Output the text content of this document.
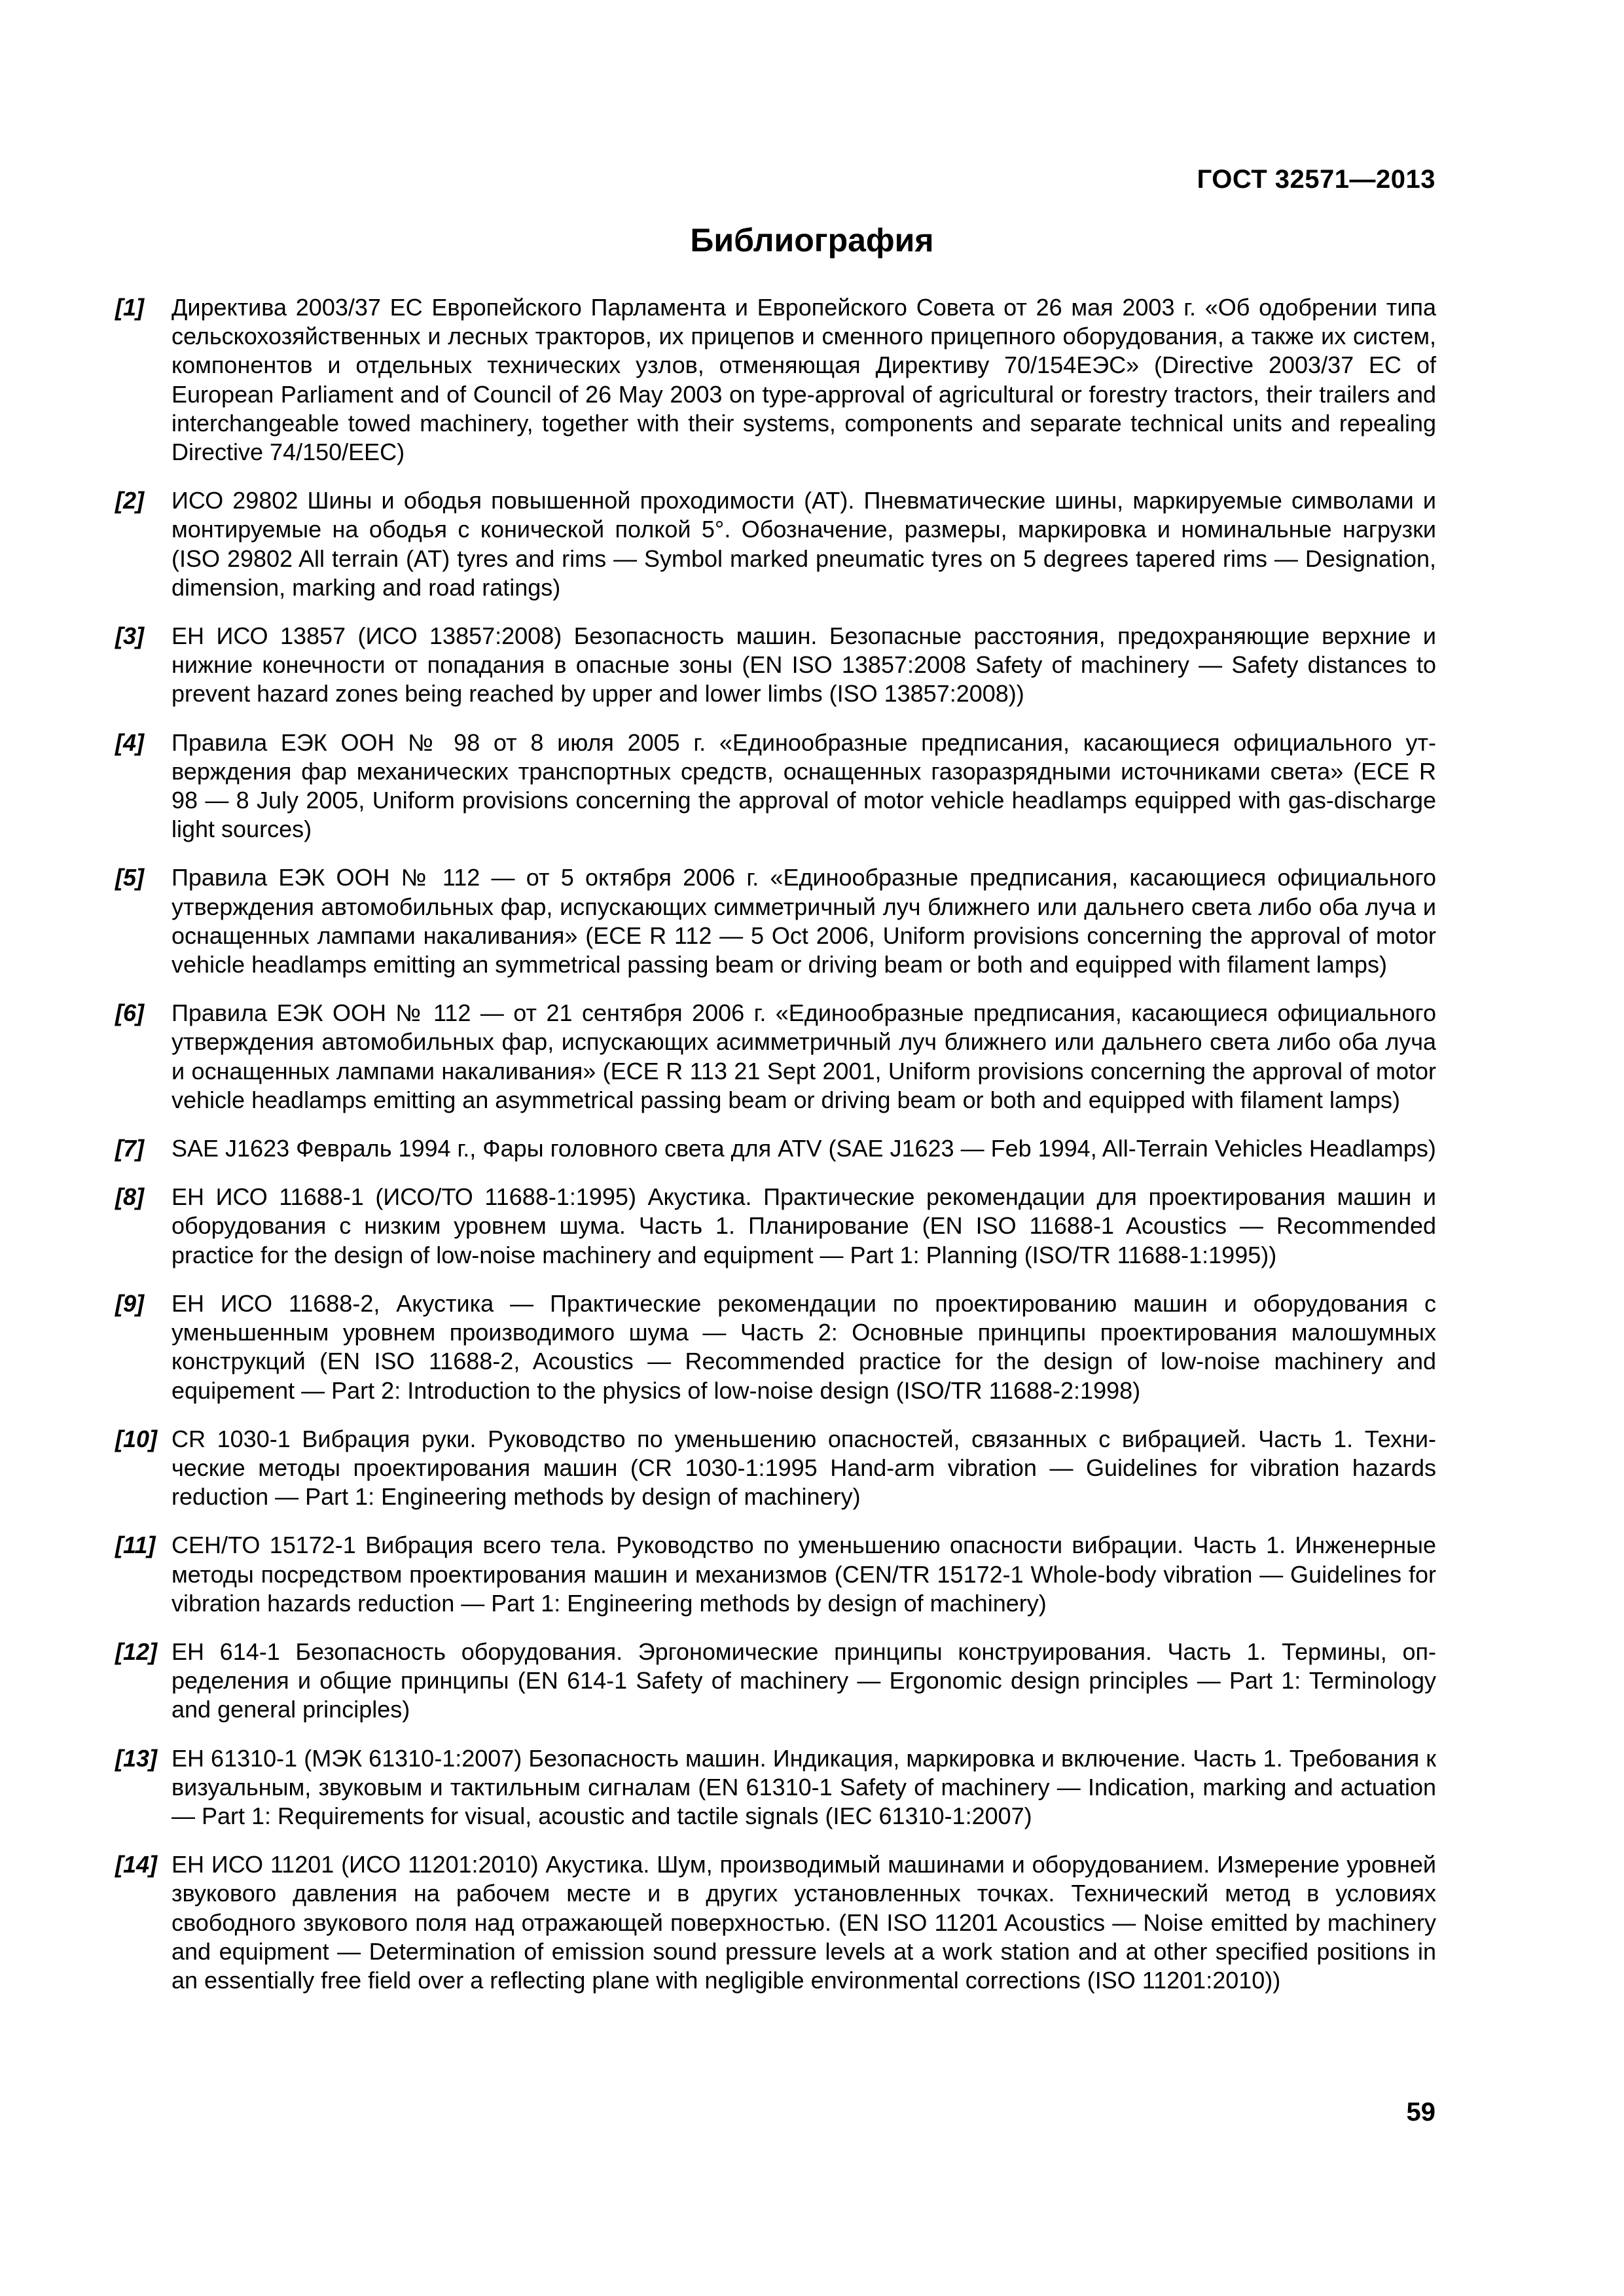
ГОСТ 32571—2013
Библиография
[1]	Директива 2003/37 ЕС Европейского Парламента и Европейского Совета от 26 мая 2003 г. «Об одобрении типа сельскохозяйственных и лесных тракторов, их прицепов и сменного прицепного оборудования, а также их систем, компонентов и отдельных технических узлов, отменяющая Директиву 70/154ЕЭС» (Directive 2003/37 EC of European Parliament and of Council of 26 May 2003 on type-approval of agricultural or forestry tractors, their trailers and interchangeable towed machinery, together with their systems, components and separate technical units and repealing Directive 74/150/EEC)
[2]	ИСО 29802 Шины и ободья повышенной проходимости (АТ). Пневматические шины, маркируемые символами и монтируемые на ободья с конической полкой 5°. Обозначение, размеры, маркировка и номинальные нагрузки (ISO 29802 All terrain (AT) tyres and rims — Symbol marked pneumatic tyres on 5 degrees tapered rims — Designation, dimension, marking and road ratings)
[3]	ЕН ИСО 13857 (ИСО 13857:2008) Безопасность машин. Безопасные расстояния, предохраняющие верхние и нижние конечности от попадания в опасные зоны (EN ISO 13857:2008 Safety of machinery — Safety distances to prevent hazard zones being reached by upper and lower limbs (ISO 13857:2008))
[4]	Правила ЕЭК ООН № 98 от 8 июля 2005 г. «Единообразные предписания, касающиеся официального утверждения фар механических транспортных средств, оснащенных газоразрядными источниками света» (ECE R 98 — 8 July 2005, Uniform provisions concerning the approval of motor vehicle headlamps equipped with gas-discharge light sources)
[5]	Правила ЕЭК ООН № 112 — от 5 октября 2006 г. «Единообразные предписания, касающиеся официального утверждения автомобильных фар, испускающих симметричный луч ближнего или дальнего света либо оба луча и оснащенных лампами накаливания» (ECE R 112 — 5 Oct 2006, Uniform provisions concerning the approval of motor vehicle headlamps emitting an symmetrical passing beam or driving beam or both and equipped with filament lamps)
[6]	Правила ЕЭК ООН № 112 — от 21 сентября 2006 г. «Единообразные предписания, касающиеся официального утверждения автомобильных фар, испускающих асимметричный луч ближнего или дальнего света либо оба луча и оснащенных лампами накаливания» (ECE R 113 21 Sept 2001, Uniform provisions concerning the approval of motor vehicle headlamps emitting an asymmetrical passing beam or driving beam or both and equipped with filament lamps)
[7]	SAE J1623 Февраль 1994 г., Фары головного света для ATV (SAE J1623 — Feb 1994, All-Terrain Vehicles Headlamps)
[8]	ЕН ИСО 11688-1 (ИСО/ТО 11688-1:1995) Акустика. Практические рекомендации для проектирования машин и оборудования с низким уровнем шума. Часть 1. Планирование (EN ISO 11688-1 Acoustics — Recommended practice for the design of low-noise machinery and equipment — Part 1: Planning (ISO/TR 11688-1:1995))
[9]	ЕН ИСО 11688-2, Акустика — Практические рекомендации по проектированию машин и оборудования с уменьшенным уровнем производимого шума — Часть 2: Основные принципы проектирования малошумных конструкций (EN ISO 11688-2, Acoustics — Recommended practice for the design of low-noise machinery and equipement — Part 2: Introduction to the physics of low-noise design (ISO/TR 11688-2:1998)
[10] CR 1030-1 Вибрация руки. Руководство по уменьшению опасностей, связанных с вибрацией. Часть 1. Технические методы проектирования машин (CR 1030-1:1995 Hand-arm vibration — Guidelines for vibration hazards reduction — Part 1: Engineering methods by design of machinery)
[11] CEH/TO 15172-1 Вибрация всего тела. Руководство по уменьшению опасности вибрации. Часть 1. Инженерные методы посредством проектирования машин и механизмов (CEN/TR 15172-1 Whole-body vibration — Guidelines for vibration hazards reduction — Part 1: Engineering methods by design of machinery)
[12] ЕН 614-1 Безопасность оборудования. Эргономические принципы конструирования. Часть 1. Термины, определения и общие принципы (EN 614-1 Safety of machinery — Ergonomic design principles — Part 1: Terminology and general principles)
[13] ЕН 61310-1 (МЭК 61310-1:2007) Безопасность машин. Индикация, маркировка и включение. Часть 1. Требования к визуальным, звуковым и тактильным сигналам (EN 61310-1 Safety of machinery — Indication, marking and actuation — Part 1: Requirements for visual, acoustic and tactile signals (IEC 61310-1:2007)
[14] ЕН ИСО 11201 (ИСО 11201:2010) Акустика. Шум, производимый машинами и оборудованием. Измерение уровней звукового давления на рабочем месте и в других установленных точках. Технический метод в условиях свободного звукового поля над отражающей поверхностью. (EN ISO 11201 Acoustics — Noise emitted by machinery and equipment — Determination of emission sound pressure levels at a work station and at other specified positions in an essentially free field over a reflecting plane with negligible environmental corrections (ISO 11201:2010))
59
